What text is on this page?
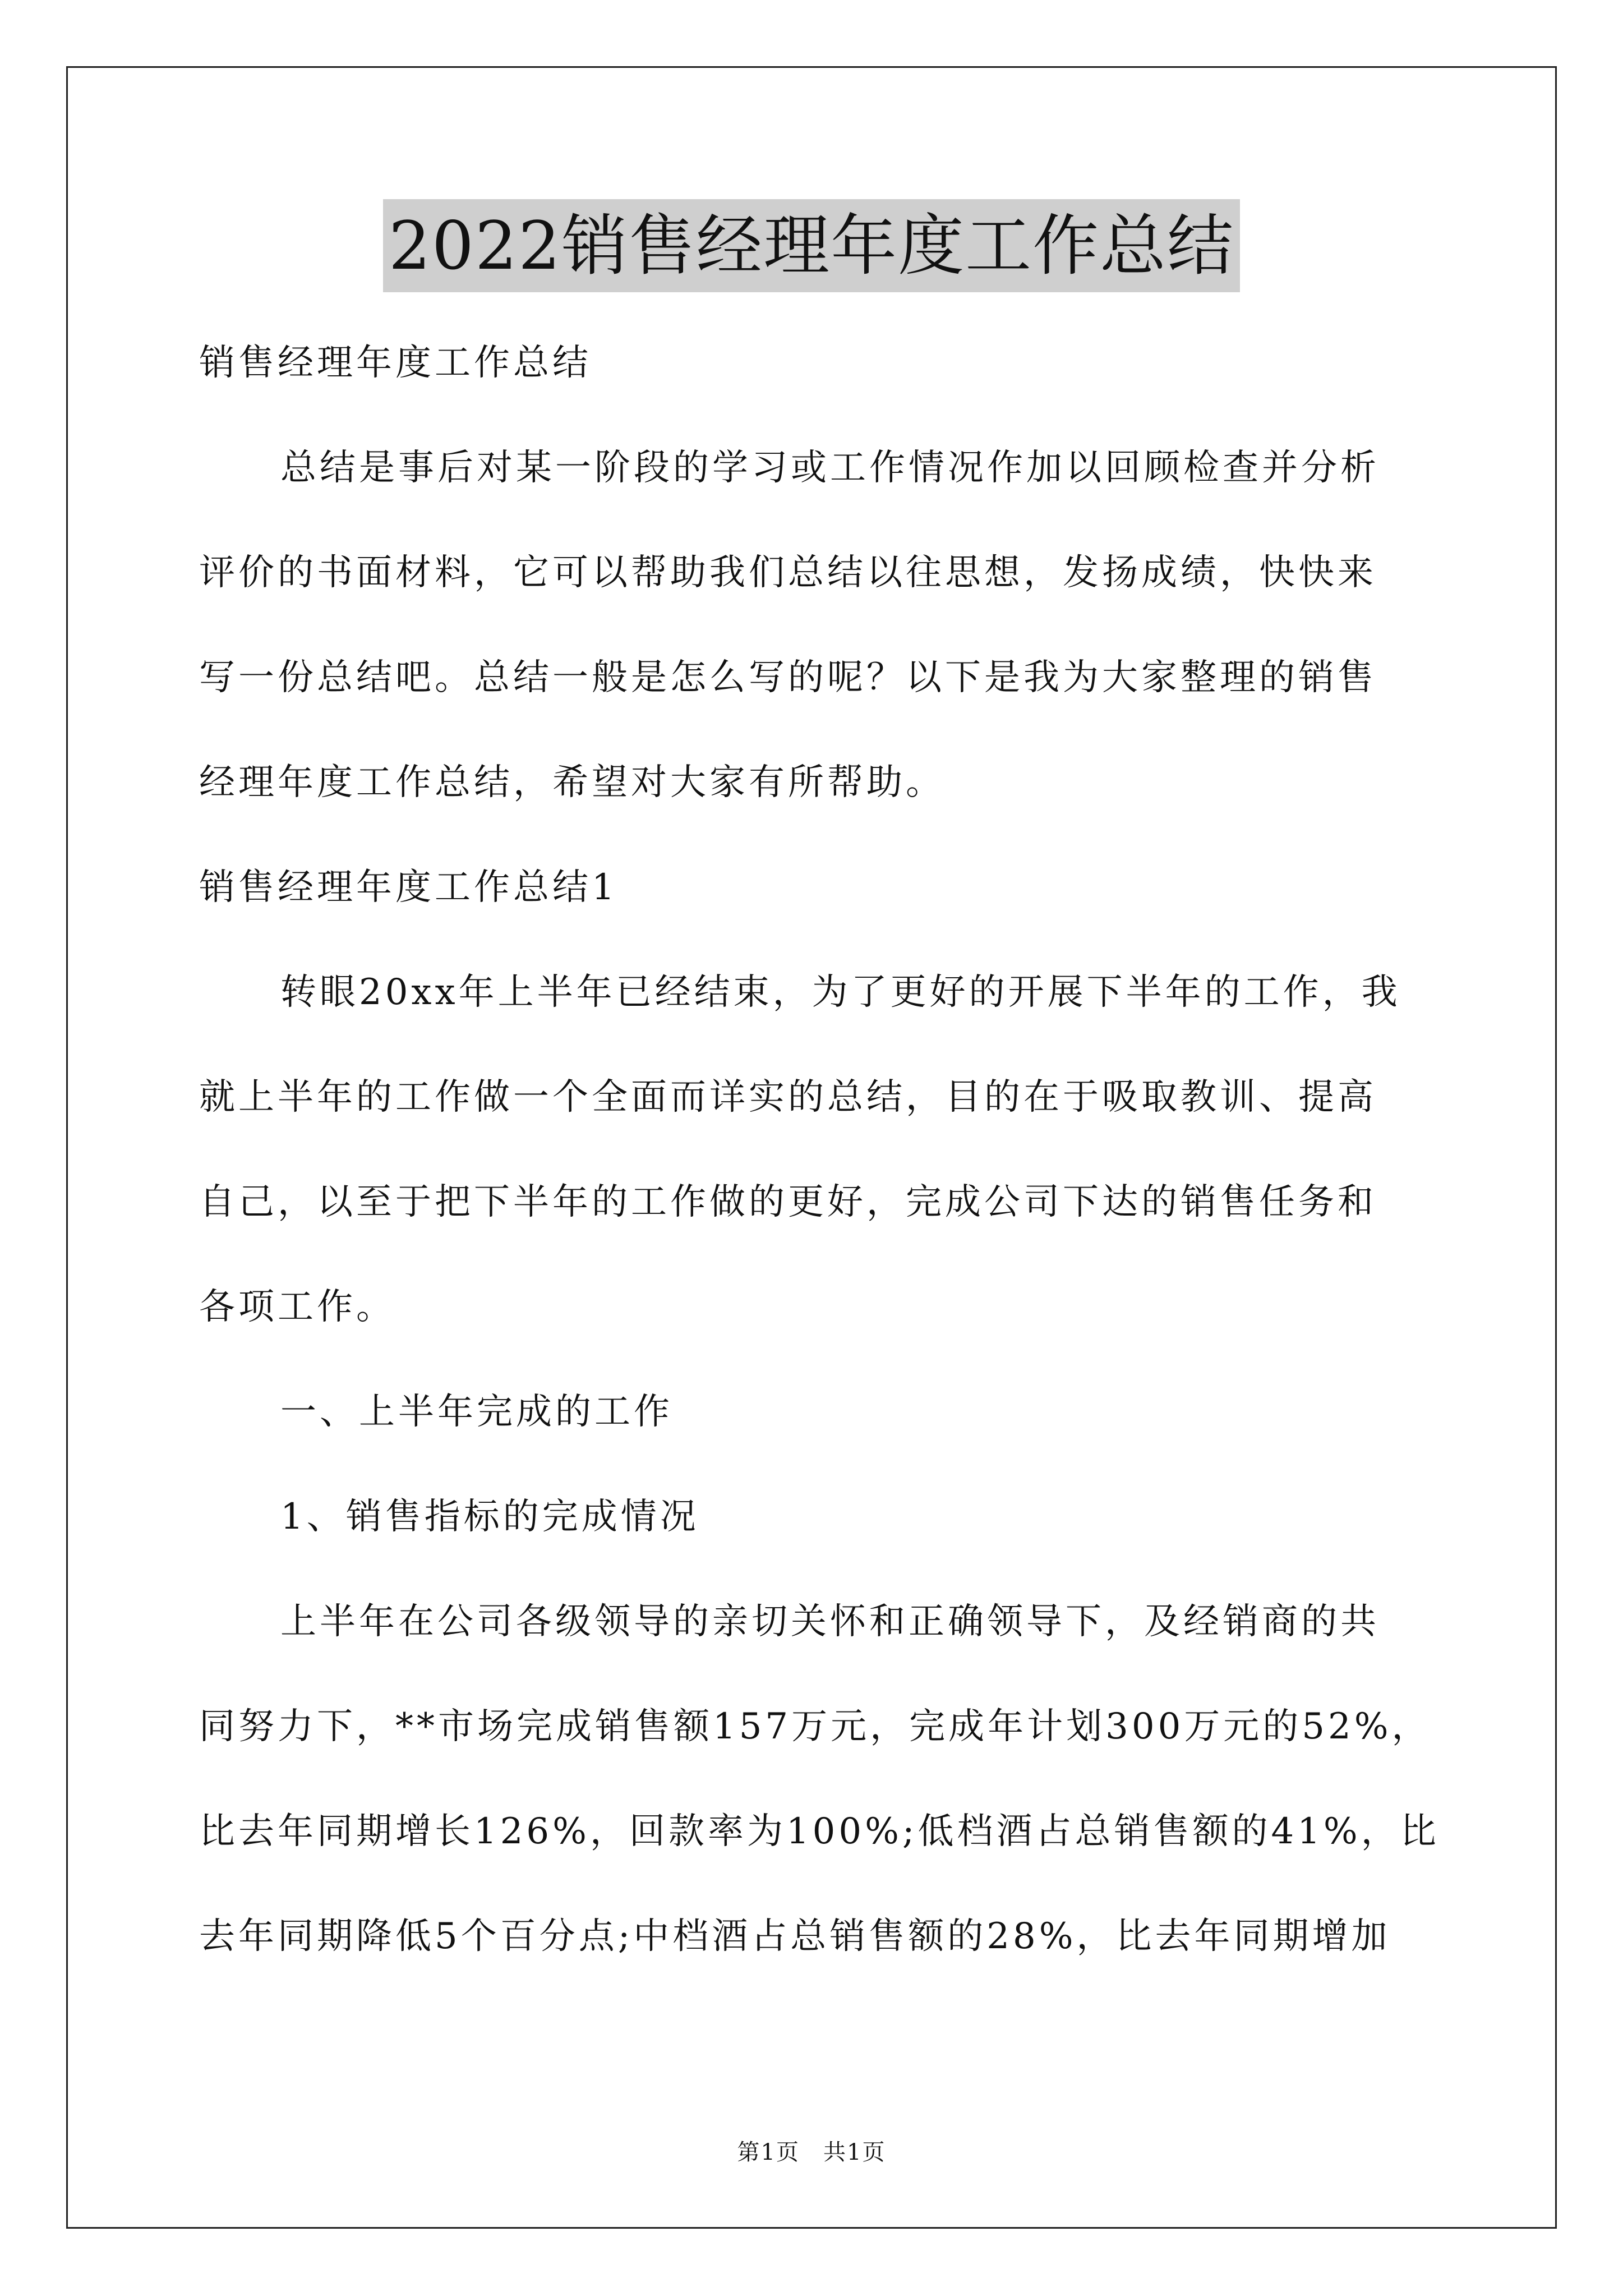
2022销售经理年度工作总结
销售经理年度工作总结
总结是事后对某一阶段的学习或工作情况作加以回顾检查并分析
评价的书面材料，它可以帮助我们总结以往思想，发扬成绩，快快来
写一份总结吧。总结一般是怎么写的呢？以下是我为大家整理的销售
经理年度工作总结，希望对大家有所帮助。
销售经理年度工作总结1
转眼20xx年上半年已经结束，为了更好的开展下半年的工作，我
就上半年的工作做一个全面而详实的总结，目的在于吸取教训、提高
自己，以至于把下半年的工作做的更好，完成公司下达的销售任务和
各项工作。
一、上半年完成的工作
1、销售指标的完成情况
上半年在公司各级领导的亲切关怀和正确领导下，及经销商的共
同努力下，**市场完成销售额157万元，完成年计划300万元的52%，
比去年同期增长126%，回款率为100%;低档酒占总销售额的41%，比
去年同期降低5个百分点;中档酒占总销售额的28%，比去年同期增加
第1页　共1页
